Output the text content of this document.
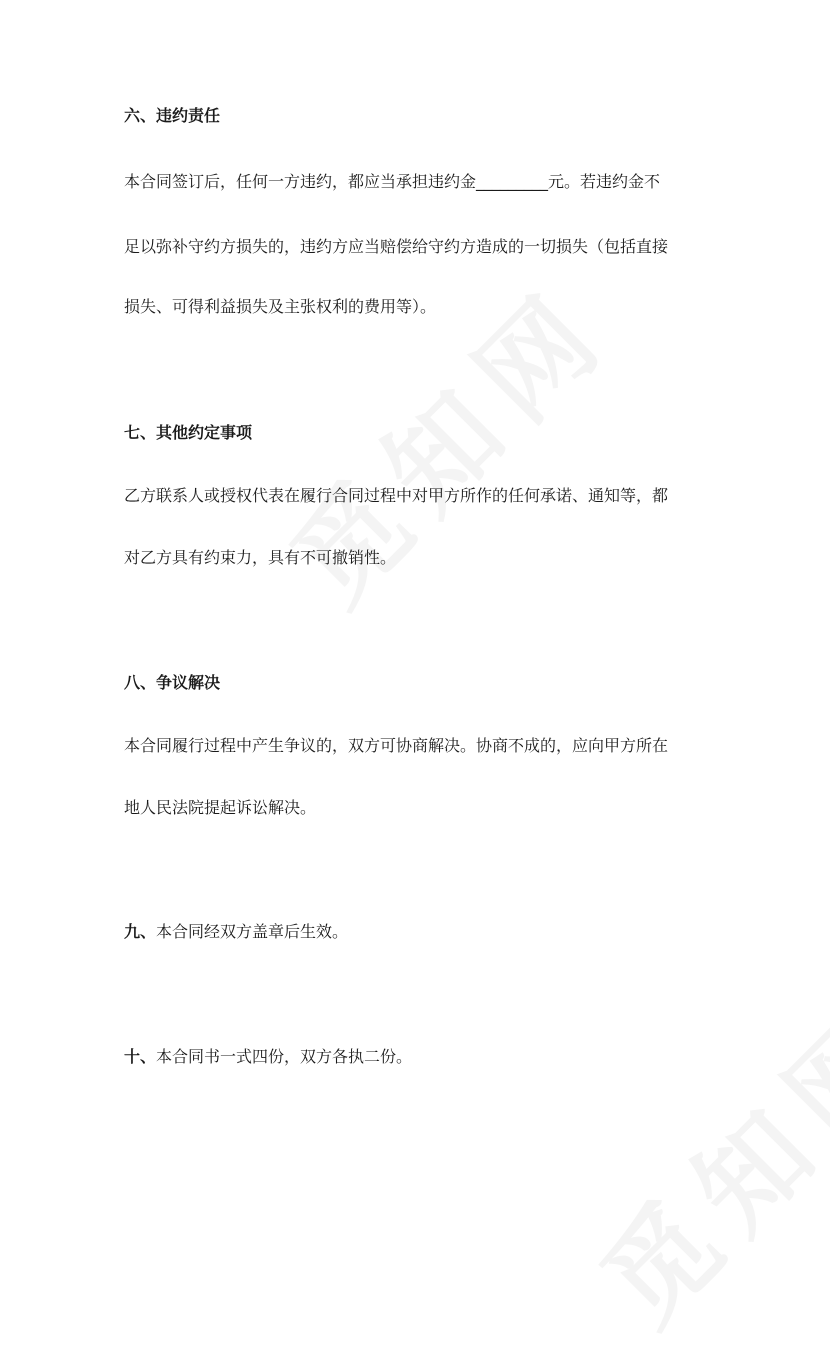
六、违约责任
本合同签订后，任何一方违约，都应当承担违约金_________元。若违约金不
足以弥补守约方损失的，违约方应当赔偿给守约方造成的一切损失（包括直接
损失、可得利益损失及主张权利的费用等）。
七、其他约定事项
乙方联系人或授权代表在履行合同过程中对甲方所作的任何承诺、通知等，都
对乙方具有约束力，具有不可撤销性。
八、争议解决
本合同履行过程中产生争议的，双方可协商解决。协商不成的，应向甲方所在
地人民法院提起诉讼解决。
九、本合同经双方盖章后生效。
十、本合同书一式四份，双方各执二份。
